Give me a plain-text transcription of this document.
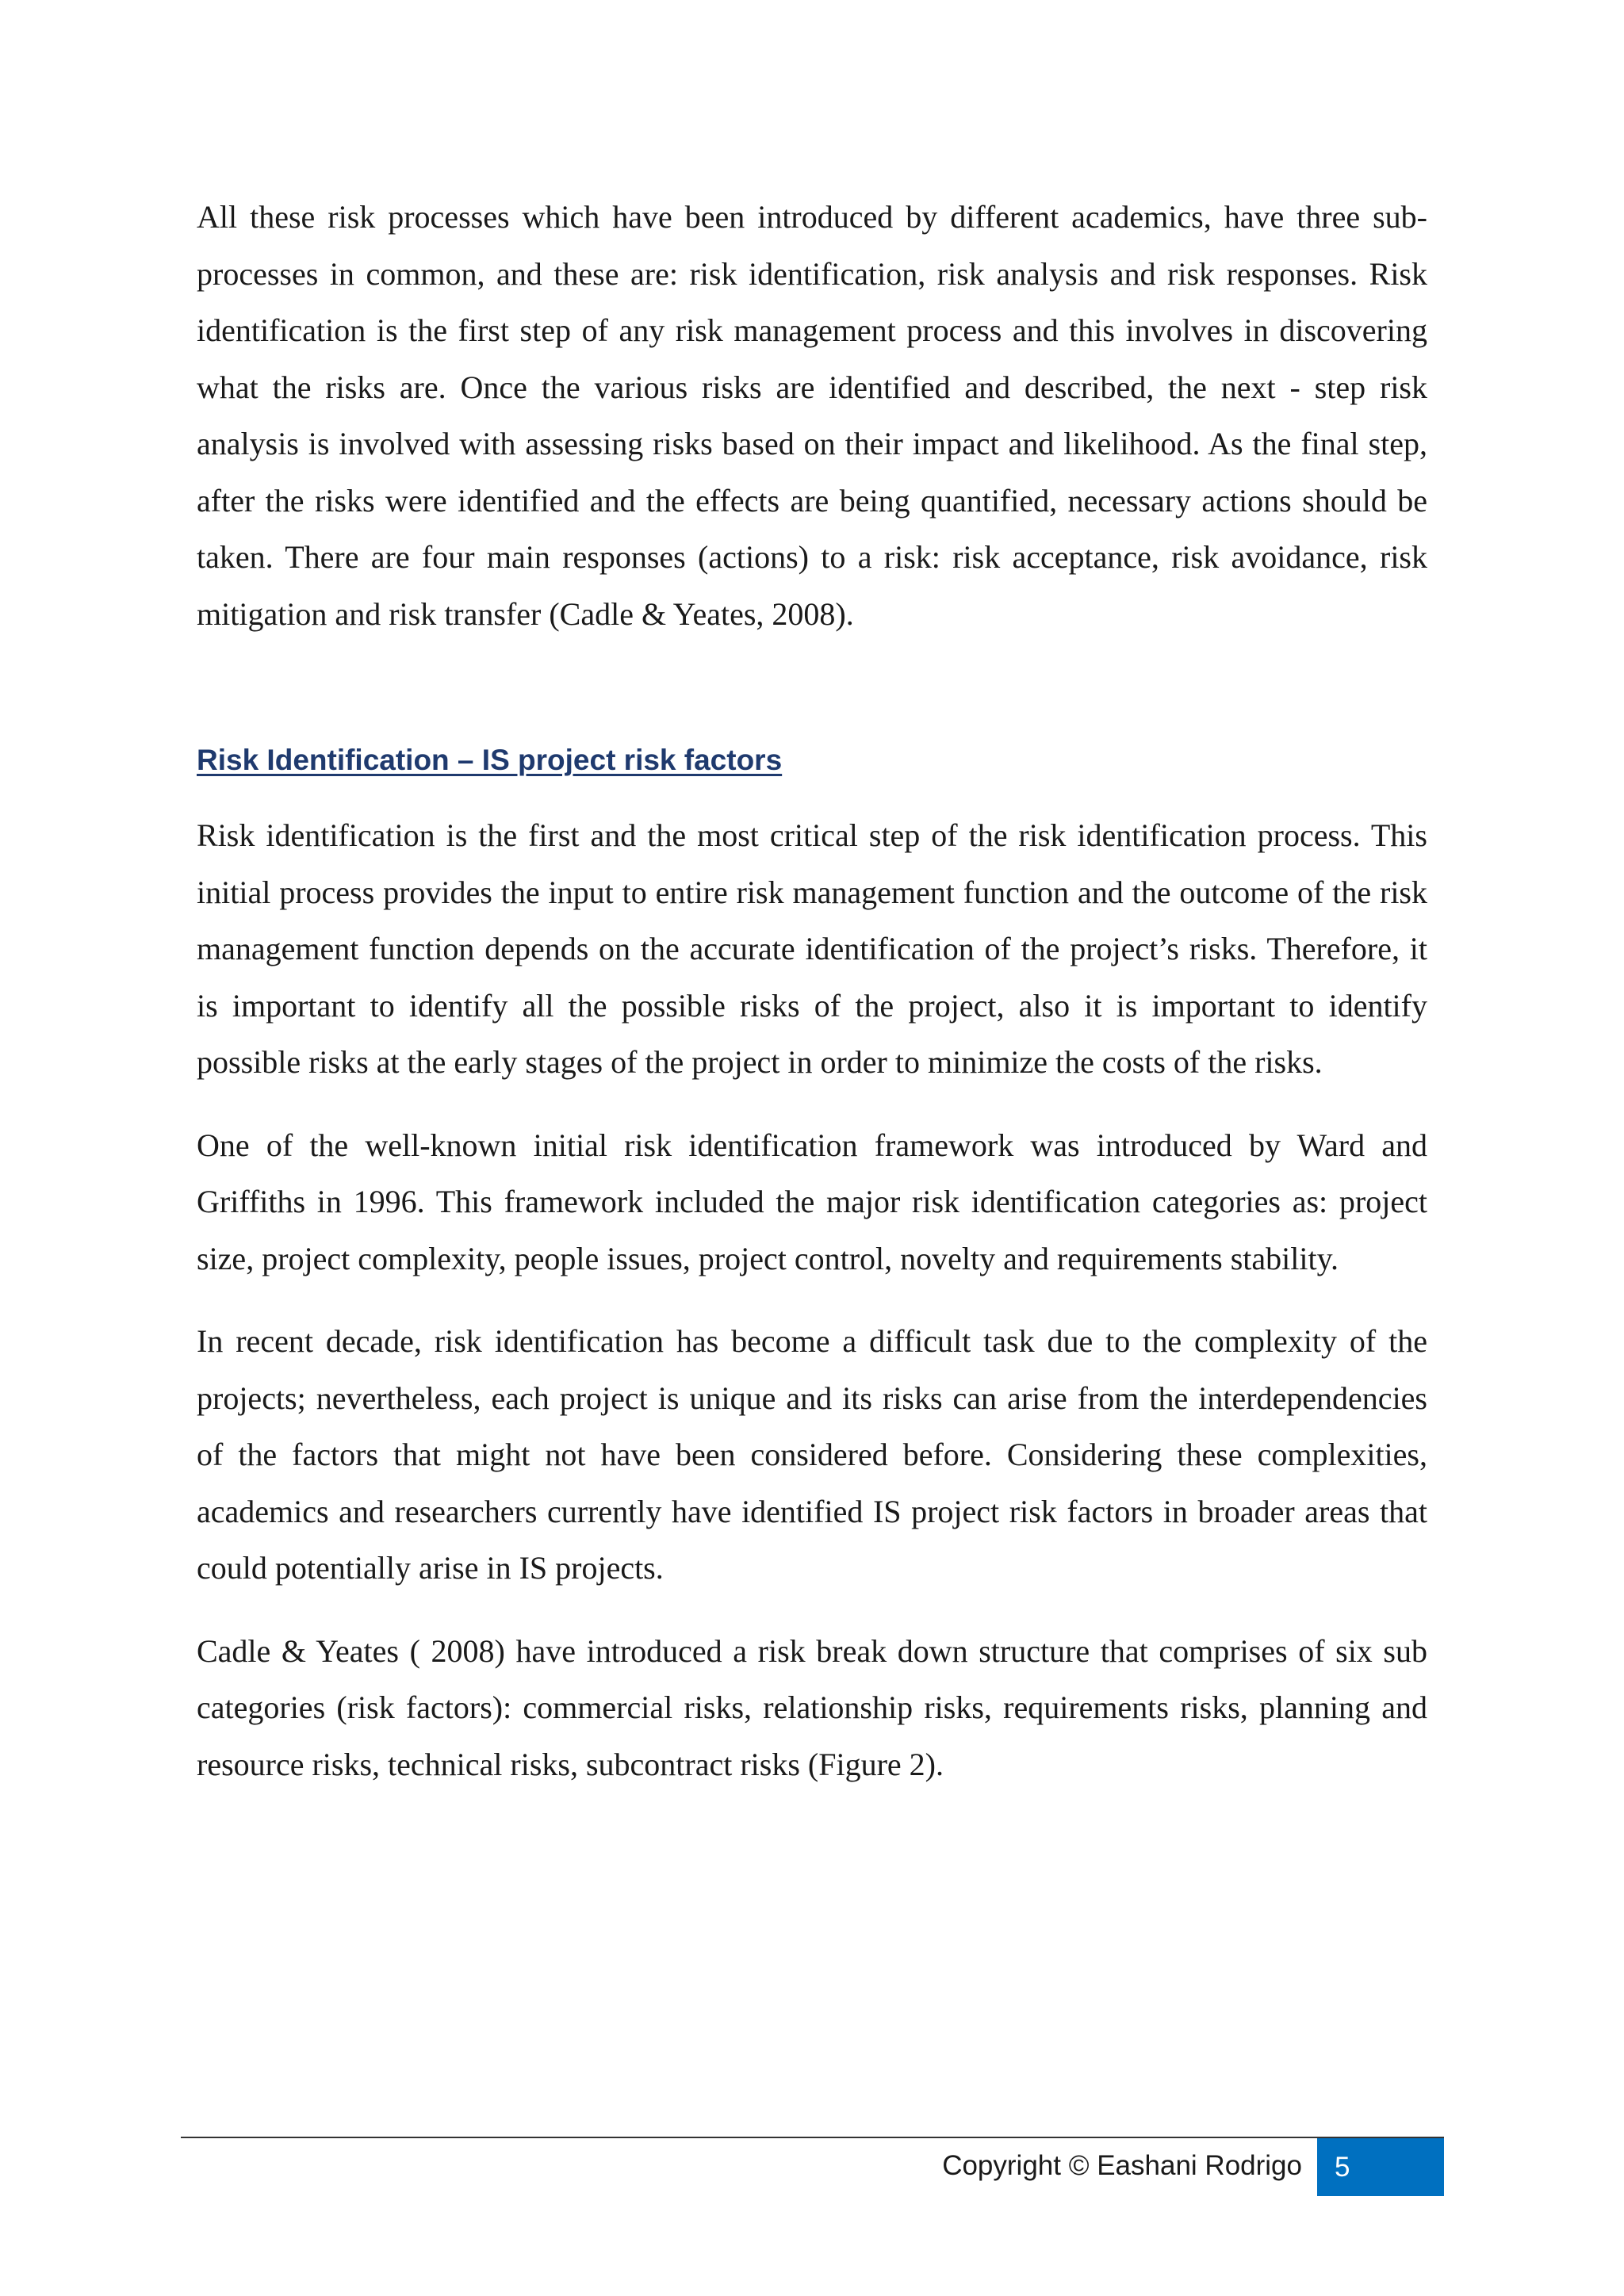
All these risk processes which have been introduced by different academics, have three sub-processes in common, and these are: risk identification, risk analysis and risk responses. Risk identification is the first step of any risk management process and this involves in discovering what the risks are. Once the various risks are identified and described, the next - step risk analysis is involved with assessing risks based on their impact and likelihood. As the final step, after the risks were identified and the effects are being quantified, necessary actions should be taken. There are four main responses (actions) to a risk: risk acceptance, risk avoidance, risk mitigation and risk transfer (Cadle & Yeates, 2008).

Risk Identification – IS project risk factors

Risk identification is the first and the most critical step of the risk identification process. This initial process provides the input to entire risk management function and the outcome of the risk management function depends on the accurate identification of the project’s risks. Therefore, it is important to identify all the possible risks of the project, also it is important to identify possible risks at the early stages of the project in order to minimize the costs of the risks.

One of the well-known initial risk identification framework was introduced by Ward and Griffiths in 1996. This framework included the major risk identification categories as: project size, project complexity, people issues, project control, novelty and requirements stability.

In recent decade, risk identification has become a difficult task due to the complexity of the projects; nevertheless, each project is unique and its risks can arise from the interdependencies of the factors that might not have been considered before. Considering these complexities, academics and researchers currently have identified IS project risk factors in broader areas that could potentially arise in IS projects.

Cadle & Yeates ( 2008) have introduced a risk break down structure that comprises of six sub categories (risk factors): commercial risks, relationship risks, requirements risks, planning and resource risks, technical risks, subcontract risks (Figure 2).

Copyright © Eashani Rodrigo	5
